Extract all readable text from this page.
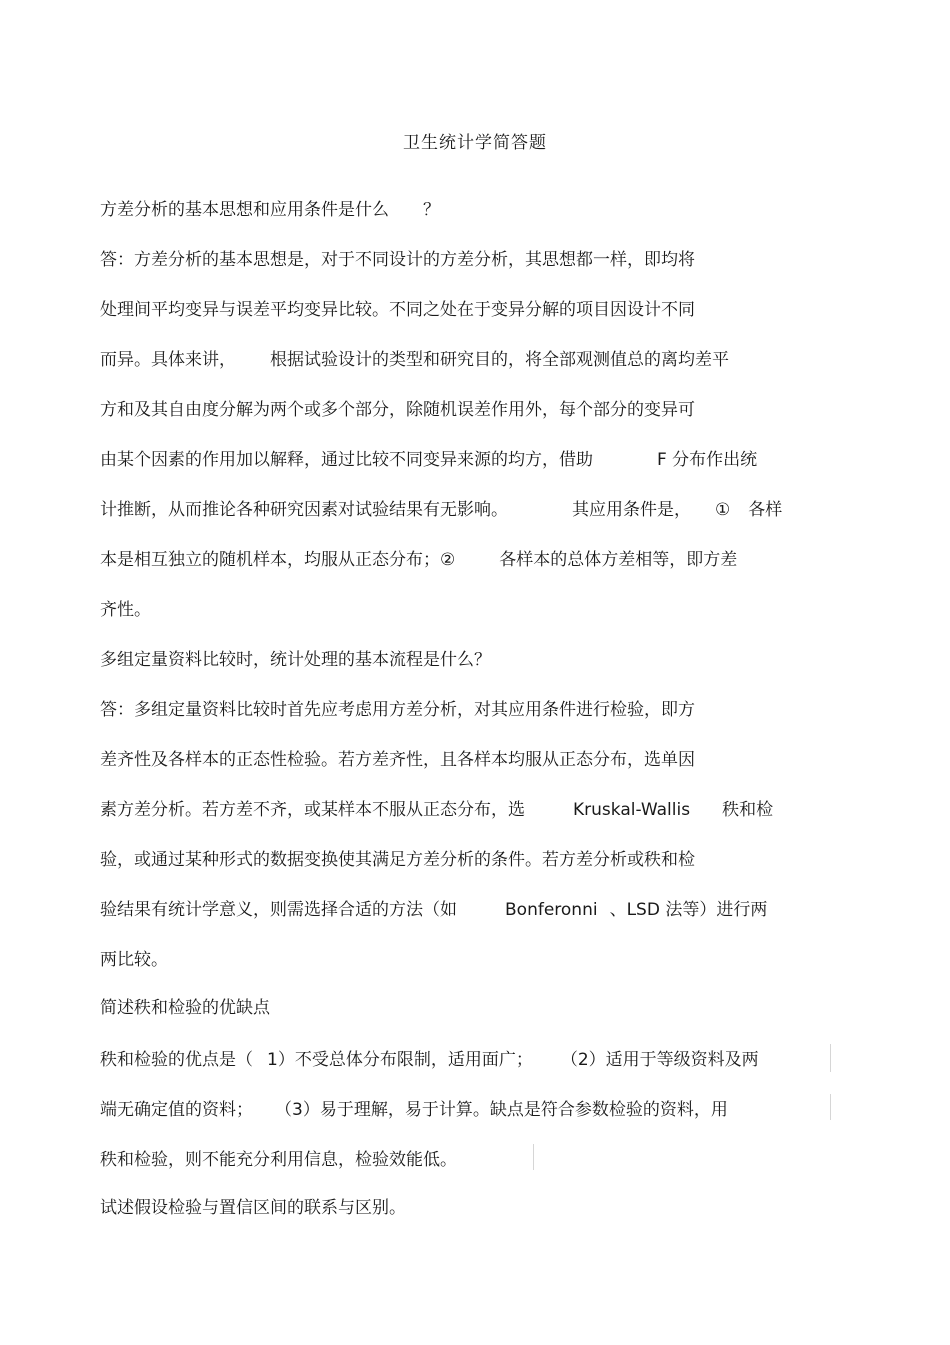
卫生统计学简答题
方差分析的基本思想和应用条件是什么 ？
答：方差分析的基本思想是，对于不同设计的方差分析，其思想都一样，即均将
处理间平均变异与误差平均变异比较。不同之处在于变异分解的项目因设计不同
而异。具体来讲， 根据试验设计的类型和研究目的，将全部观测值总的离均差平
方和及其自由度分解为两个或多个部分，除随机误差作用外，每个部分的变异可
由某个因素的作用加以解释，通过比较不同变异来源的均方，借助	F 分布作出统
计推断，从而推论各种研究因素对试验结果有无影响。	其应用条件是， ① 各样
本是相互独立的随机样本，均服从正态分布；②	各样本的总体方差相等，即方差
齐性。
多组定量资料比较时，统计处理的基本流程是什么？
答：多组定量资料比较时首先应考虑用方差分析，对其应用条件进行检验，即方
差齐性及各样本的正态性检验。若方差齐性，且各样本均服从正态分布，选单因
素方差分析。若方差不齐，或某样本不服从正态分布，选	Kruskal-Wallis 秩和检
验，或通过某种形式的数据变换使其满足方差分析的条件。若方差分析或秩和检
验结果有统计学意义，则需选择合适的方法（如	Bonferonni 、LSD 法等）进行两
两比较。
简述秩和检验的优缺点
秩和检验的优点是（ 1）不受总体分布限制，适用面广； （2）适用于等级资料及两
端无确定值的资料； （3）易于理解，易于计算。缺点是符合参数检验的资料，用
秩和检验，则不能充分利用信息，检验效能低。
试述假设检验与置信区间的联系与区别。
